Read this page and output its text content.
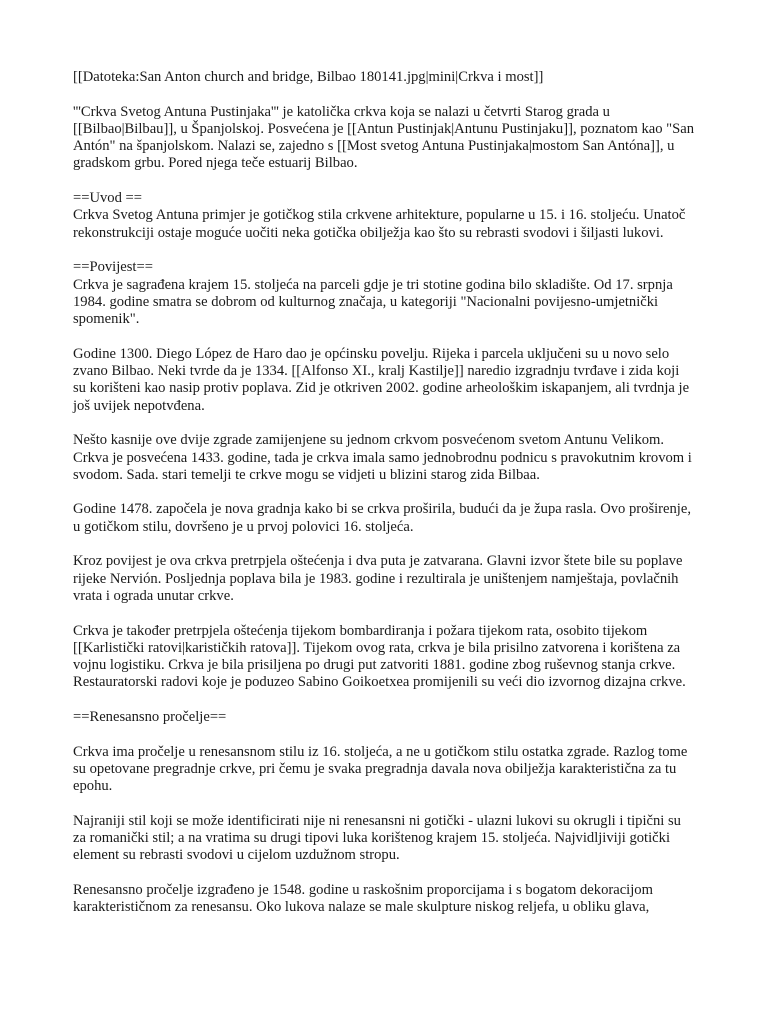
[[Datoteka:San Anton church and bridge, Bilbao 180141.jpg|mini|Crkva i most]]

'''Crkva Svetog Antuna Pustinjaka''' je katolička crkva koja se nalazi u četvrti Starog grada u [[Bilbao|Bilbau]], u Španjolskoj. Posvećena je [[Antun Pustinjak|Antunu Pustinjaku]], poznatom kao "San Antón" na španjolskom. Nalazi se, zajedno s [[Most svetog Antuna Pustinjaka|mostom San Antóna]], u gradskom grbu. Pored njega teče estuarij Bilbao.

==Uvod ==
Crkva Svetog Antuna primjer je gotičkog stila crkvene arhitekture, popularne u 15. i 16. stoljeću. Unatoč rekonstrukciji ostaje moguće uočiti neka gotička obilježja kao što su rebrasti svodovi i šiljasti lukovi.

==Povijest==
Crkva je sagrađena krajem 15. stoljeća na parceli gdje je tri stotine godina bilo skladište. Od 17. srpnja 1984. godine smatra se dobrom od kulturnog značaja, u kategoriji "Nacionalni povijesno-umjetnički spomenik".

Godine 1300. Diego López de Haro dao je općinsku povelju. Rijeka i parcela uključeni su u novo selo zvano Bilbao. Neki tvrde da je 1334. [[Alfonso XI., kralj Kastilje]] naredio izgradnju tvrđave i zida koji su korišteni kao nasip protiv poplava. Zid je otkriven 2002. godine arheološkim iskapanjem, ali tvrdnja je još uvijek nepotvđena.

Nešto kasnije ove dvije zgrade zamijenjene su jednom crkvom posvećenom svetom Antunu Velikom. Crkva je posvećena 1433. godine, tada je crkva imala samo jednobrodnu podnicu s pravokutnim krovom i svodom. Sada. stari temelji te crkve mogu se vidjeti u blizini starog zida Bilbaa.

Godine 1478. započela je nova gradnja kako bi se crkva proširila, budući da je župa rasla. Ovo proširenje, u gotičkom stilu, dovršeno je u prvoj polovici 16. stoljeća.

Kroz povijest je ova crkva pretrpjela oštećenja i dva puta je zatvarana. Glavni izvor štete bile su poplave rijeke Nervión. Posljednja poplava bila je 1983. godine i rezultirala je uništenjem namještaja, povlačnih vrata i ograda unutar crkve.

Crkva je također pretrpjela oštećenja tijekom bombardiranja i požara tijekom rata, osobito tijekom [[Karlistički ratovi|karističkih ratova]]. Tijekom ovog rata, crkva je bila prisilno zatvorena i korištena za vojnu logistiku. Crkva je bila prisiljena po drugi put zatvoriti 1881. godine zbog ruševnog stanja crkve. Restauratorski radovi koje je poduzeo Sabino Goikoetxea promijenili su veći dio izvornog dizajna crkve.

==Renesansno pročelje==

Crkva ima pročelje u renesansnom stilu iz 16. stoljeća, a ne u gotičkom stilu ostatka zgrade. Razlog tome su opetovane pregradnje crkve, pri čemu je svaka pregradnja davala nova obilježja karakteristična za tu epohu.

Najraniji stil koji se može identificirati nije ni renesansni ni gotički - ulazni lukovi su okrugli i tipični su za romanički stil; a na vratima su drugi tipovi luka korištenog krajem 15. stoljeća. Najvidljiviji gotički element su rebrasti svodovi u cijelom uzdužnom stropu.

Renesansno pročelje izgrađeno je 1548. godine u raskošnim proporcijama i s bogatom dekoracijom karakterističnom za renesansu. Oko lukova nalaze se male skulpture niskog reljefa, u obliku glava,
